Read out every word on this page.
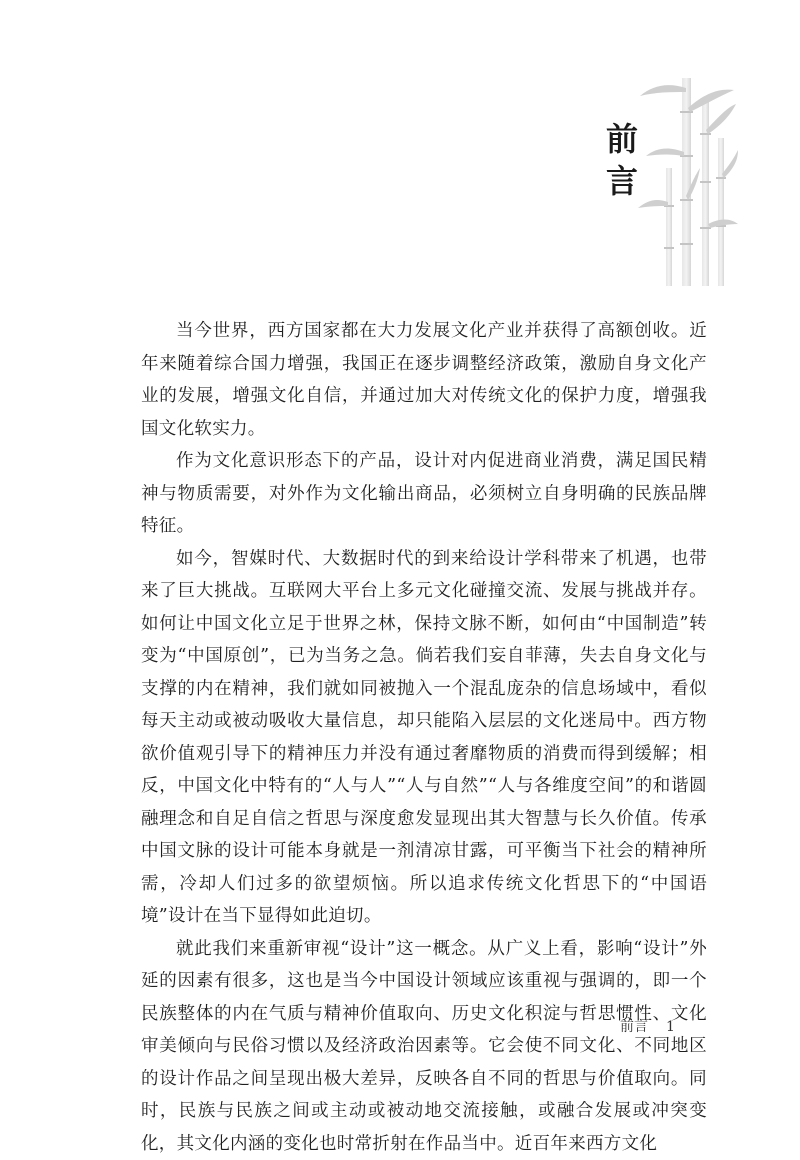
前
言

当今世界，西方国家都在大力发展文化产业并获得了高额创收。近年来随着综合国力增强，我国正在逐步调整经济政策，激励自身文化产业的发展，增强文化自信，并通过加大对传统文化的保护力度，增强我国文化软实力。

作为文化意识形态下的产品，设计对内促进商业消费，满足国民精神与物质需要，对外作为文化输出商品，必须树立自身明确的民族品牌特征。

如今，智媒时代、大数据时代的到来给设计学科带来了机遇，也带来了巨大挑战。互联网大平台上多元文化碰撞交流、发展与挑战并存。如何让中国文化立足于世界之林，保持文脉不断，如何由“中国制造”转变为“中国原创”，已为当务之急。倘若我们妄自菲薄，失去自身文化与支撑的内在精神，我们就如同被抛入一个混乱庞杂的信息场域中，看似每天主动或被动吸收大量信息，却只能陷入层层的文化迷局中。西方物欲价值观引导下的精神压力并没有通过奢靡物质的消费而得到缓解；相反，中国文化中特有的“人与人”“人与自然”“人与各维度空间”的和谐圆融理念和自足自信之哲思与深度愈发显现出其大智慧与长久价值。传承中国文脉的设计可能本身就是一剂清凉甘露，可平衡当下社会的精神所需，冷却人们过多的欲望烦恼。所以追求传统文化哲思下的“中国语境”设计在当下显得如此迫切。

就此我们来重新审视“设计”这一概念。从广义上看，影响“设计”外延的因素有很多，这也是当今中国设计领域应该重视与强调的，即一个民族整体的内在气质与精神价值取向、历史文化积淀与哲思惯性、文化审美倾向与民俗习惯以及经济政治因素等。它会使不同文化、不同地区的设计作品之间呈现出极大差异，反映各自不同的哲思与价值取向。同时，民族与民族之间或主动或被动地交流接触，或融合发展或冲突变化，其文化内涵的变化也时常折射在作品当中。近百年来西方文化

前言 1
